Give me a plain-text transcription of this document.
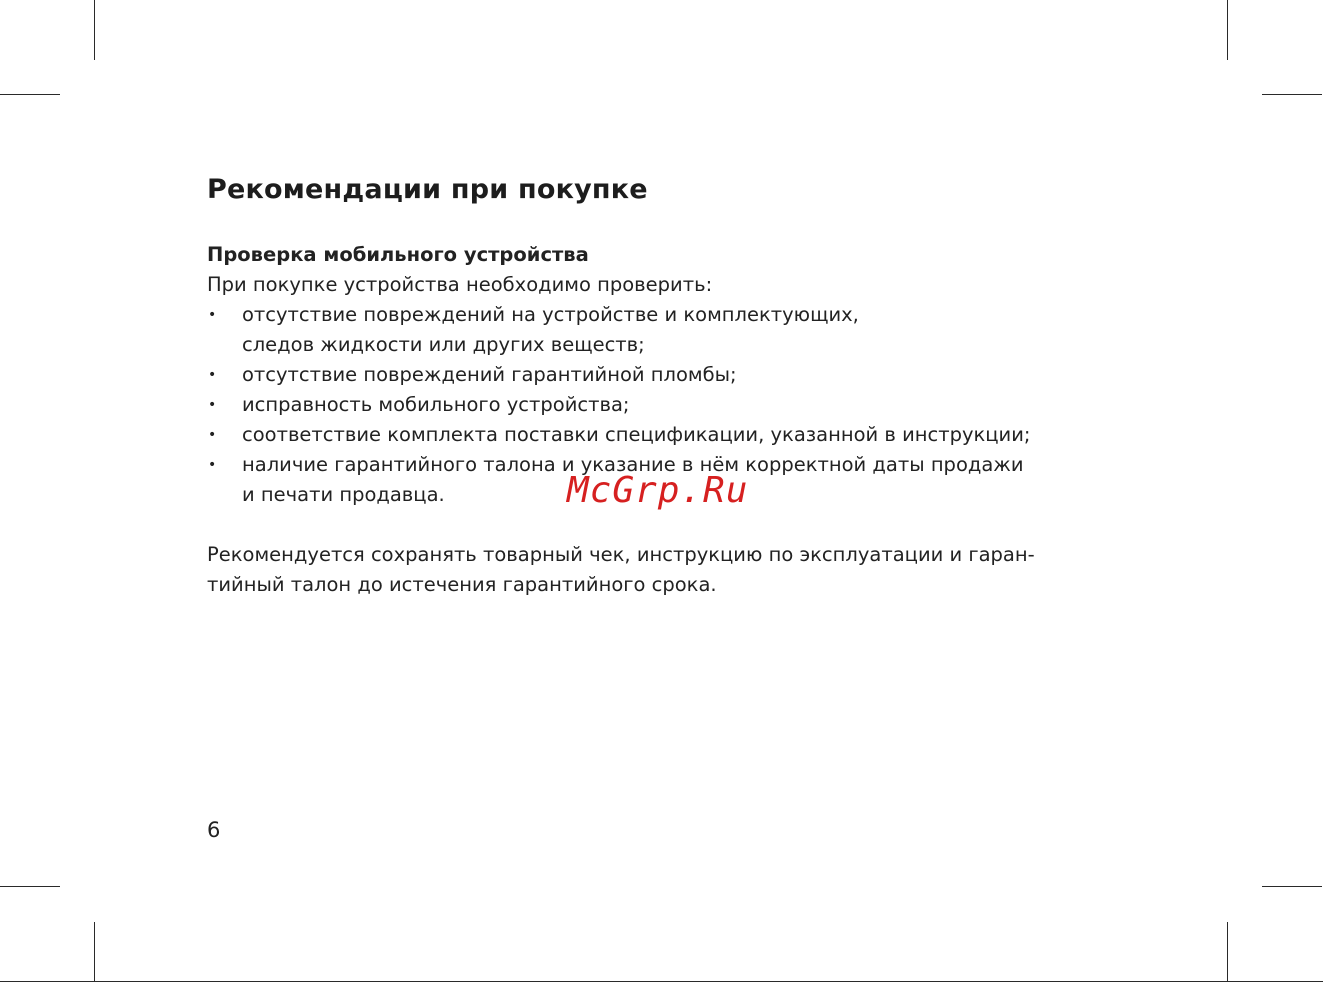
Рекомендации при покупке

Проверка мобильного устройства

При покупке устройства необходимо проверить:

• отсутствие повреждений на устройстве и комплектующих,
следов жидкости или других веществ;
• отсутствие повреждений гарантийной пломбы;
• исправность мобильного устройства;
• соответствие комплекта поставки спецификации, указанной в инструкции;
• наличие гарантийного талона и указание в нём корректной даты продажи
и печати продавца.

Рекомендуется сохранять товарный чек, инструкцию по эксплуатации и гаран-
тийный талон до истечения гарантийного срока.

McGrp.Ru
6
